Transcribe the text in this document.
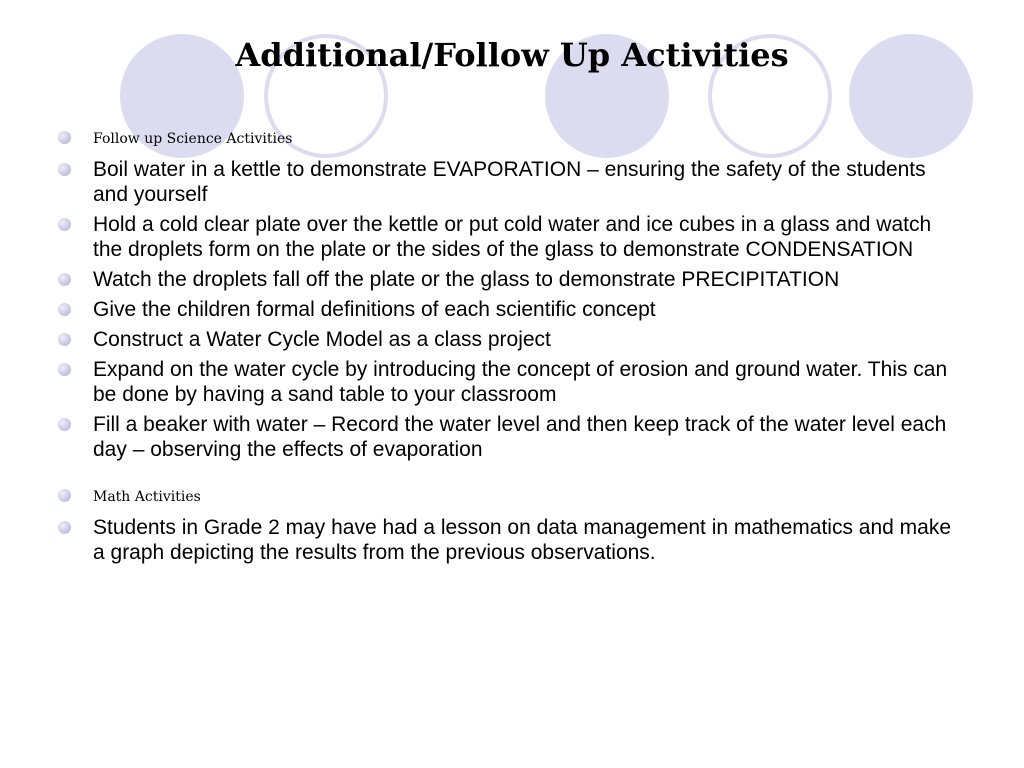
Additional/Follow Up Activities
Follow up Science Activities
Boil water in a kettle to demonstrate EVAPORATION – ensuring the safety of the students and yourself
Hold a cold clear plate over the kettle or put cold water and ice cubes in a glass and watch the droplets form on the plate or the sides of the glass to demonstrate CONDENSATION
Watch the droplets fall off the plate or the glass to demonstrate PRECIPITATION
Give the children formal definitions of each scientific concept
Construct a Water Cycle Model as a class project
Expand on the water cycle by introducing the concept of erosion and ground water. This can be done by having a sand table to your classroom
Fill a beaker with water – Record the water level and then keep track of the water level each day – observing the effects of evaporation
Math Activities
Students in Grade 2 may have had a lesson on data management in mathematics and make a graph depicting the results from the previous observations.
